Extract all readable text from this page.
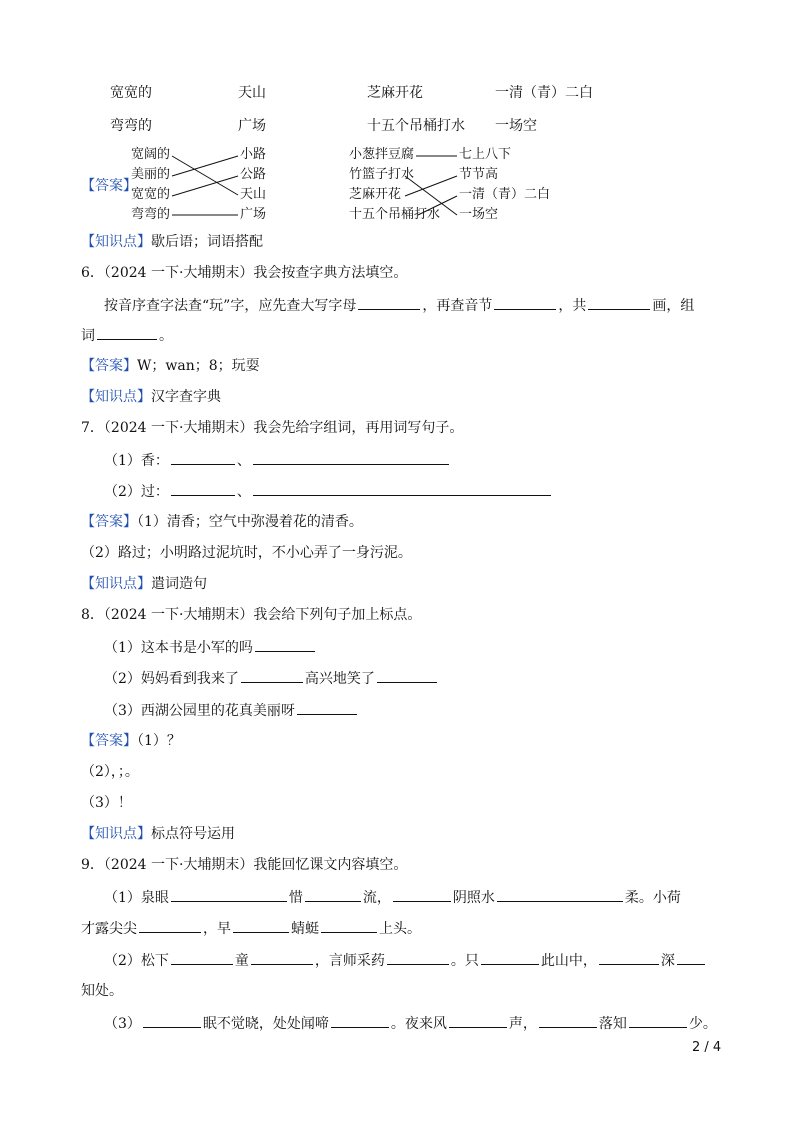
宽宽的	天山	芝麻开花	一清（青）二白
弯弯的	广场	十五个吊桶打水 一场空
【答案】
宽阔的
美丽的
宽宽的
弯弯的
小路
公路
天山
广场
小葱拌豆腐
竹篮子打水
芝麻开花
十五个吊桶打水
七上八下
节节高
一清（青）二白
一场空
【知识点】歇后语；词语搭配
6．（2024 一下·大埔期末）我会按查字典方法填空。
按音序查字法查“玩”字，应先查大写字母	，再查音节	，共	画，组
词	。
【答案】W；wan；8；玩耍
【知识点】汉字查字典
7．（2024 一下·大埔期末）我会先给字组词，再用词写句子。
（1）香：	、
（2）过：	、
【答案】（1）清香；空气中弥漫着花的清香。
（2）路过；小明路过泥坑时，不小心弄了一身污泥。
【知识点】遣词造句
8．（2024 一下·大埔期末）我会给下列句子加上标点。
（1）这本书是小军的吗
（2）妈妈看到我来了	高兴地笑了
（3）西湖公园里的花真美丽呀
【答案】（1）？
（2），；。
（3）！
【知识点】标点符号运用
9．（2024 一下·大埔期末）我能回忆课文内容填空。
（1）泉眼	惜	流，	阴照水	柔。小荷
才露尖尖	，早	蜻蜓	上头。
（2）松下	童	，言师采药	。只	此山中，	深
知处。
（3）	眠不觉晓，处处闻啼	。夜来风	声，	落知	少。
2 / 4
